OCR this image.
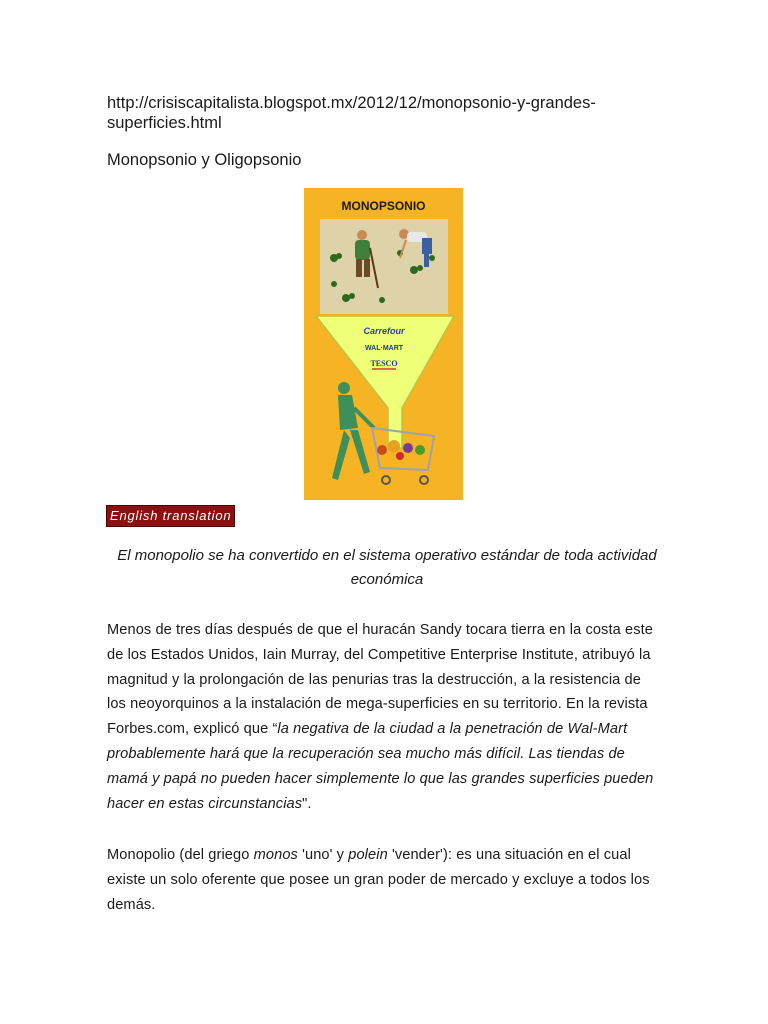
http://crisiscapitalista.blogspot.mx/2012/12/monopsonio-y-grandes-
superficies.html
Monopsonio y Oligopsonio
MONOPSONIO
Carrefour
WAL·MART
TESCO
English translation
El monopolio se ha convertido en el sistema operativo estándar de toda actividad económica
Menos de tres días después de que el huracán Sandy tocara tierra en la costa este de los Estados Unidos, Iain Murray, del Competitive Enterprise Institute, atribuyó la magnitud y la prolongación de las penurias tras la destrucción, a la resistencia de los neoyorquinos a la instalación de mega-superficies en su territorio. En la revista Forbes.com, explicó que “la negativa de la ciudad a la penetración de Wal-Mart probablemente hará que la recuperación sea mucho más difícil. Las tiendas de mamá y papá no pueden hacer simplemente lo que las grandes superficies pueden hacer en estas circunstancias".
Monopolio (del griego monos 'uno' y polein 'vender'): es una situación en el cual existe un solo oferente que posee un gran poder de mercado y excluye a todos los demás.
